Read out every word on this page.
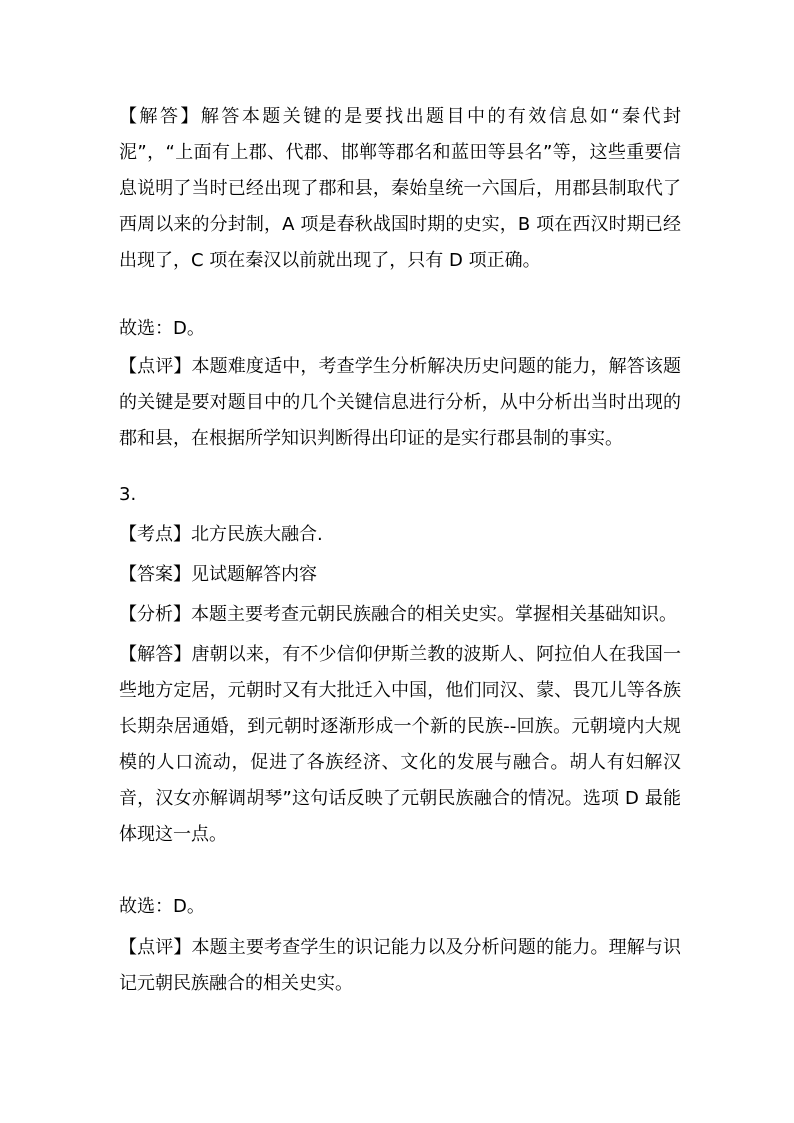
【解答】解答本题关键的是要找出题目中的有效信息如“秦代封泥”，“上面有上郡、代郡、邯郸等郡名和蓝田等县名”等，这些重要信息说明了当时已经出现了郡和县，秦始皇统一六国后，用郡县制取代了西周以来的分封制，A 项是春秋战国时期的史实，B 项在西汉时期已经出现了，C 项在秦汉以前就出现了，只有 D 项正确。

故选：D。

【点评】本题难度适中，考查学生分析解决历史问题的能力，解答该题的关键是要对题目中的几个关键信息进行分析，从中分析出当时出现的郡和县，在根据所学知识判断得出印证的是实行郡县制的事实。

3.

【考点】北方民族大融合.

【答案】见试题解答内容

【分析】本题主要考查元朝民族融合的相关史实。掌握相关基础知识。

【解答】唐朝以来，有不少信仰伊斯兰教的波斯人、阿拉伯人在我国一些地方定居，元朝时又有大批迁入中国，他们同汉、蒙、畏兀儿等各族长期杂居通婚，到元朝时逐渐形成一个新的民族--回族。元朝境内大规模的人口流动，促进了各族经济、文化的发展与融合。胡人有妇解汉音，汉女亦解调胡琴”这句话反映了元朝民族融合的情况。选项 D 最能体现这一点。

故选：D。

【点评】本题主要考查学生的识记能力以及分析问题的能力。理解与识记元朝民族融合的相关史实。
